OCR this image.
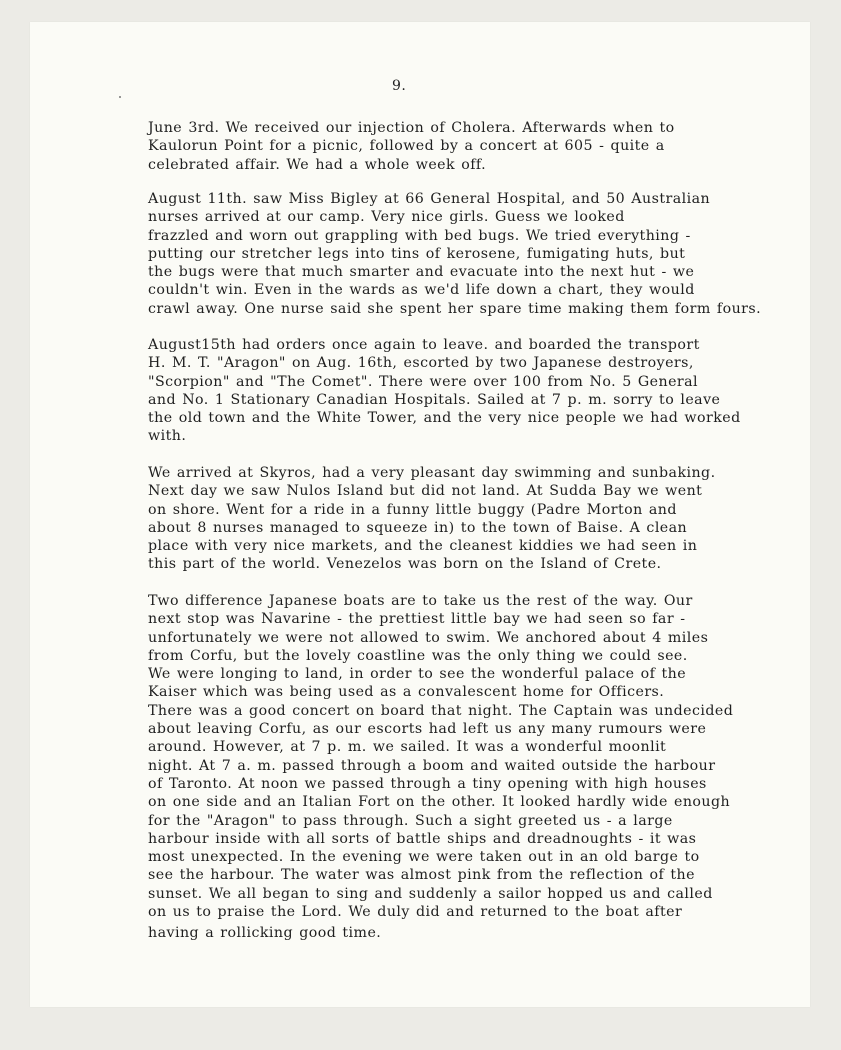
9.
June 3rd. We received our injection of Cholera. Afterwards when to
Kaulorun Point for a picnic, followed by a concert at 605 - quite a
celebrated affair. We had a whole week off.
August 11th. saw Miss Bigley at 66 General Hospital, and 50 Australian
nurses arrived at our camp. Very nice girls. Guess we looked
frazzled and worn out grappling with bed bugs. We tried everything -
putting our stretcher legs into tins of kerosene, fumigating huts, but
the bugs were that much smarter and evacuate into the next hut - we
couldn't win. Even in the wards as we'd life down a chart, they would
crawl away. One nurse said she spent her spare time making them form fours.
August15th had orders once again to leave. and boarded the transport
H. M. T. "Aragon" on Aug. 16th, escorted by two Japanese destroyers,
"Scorpion" and "The Comet". There were over 100 from No. 5 General
and No. 1 Stationary Canadian Hospitals. Sailed at 7 p. m. sorry to leave
the old town and the White Tower, and the very nice people we had worked
with.
We arrived at Skyros, had a very pleasant day swimming and sunbaking.
Next day we saw Nulos Island but did not land. At Sudda Bay we went
on shore. Went for a ride in a funny little buggy (Padre Morton and
about 8 nurses managed to squeeze in) to the town of Baise. A clean
place with very nice markets, and the cleanest kiddies we had seen in
this part of the world. Venezelos was born on the Island of Crete.
Two difference Japanese boats are to take us the rest of the way. Our
next stop was Navarine - the prettiest little bay we had seen so far -
unfortunately we were not allowed to swim. We anchored about 4 miles
from Corfu, but the lovely coastline was the only thing we could see.
We were longing to land, in order to see the wonderful palace of the
Kaiser which was being used as a convalescent home for Officers.
There was a good concert on board that night. The Captain was undecided
about leaving Corfu, as our escorts had left us any many rumours were
around. However, at 7 p. m. we sailed. It was a wonderful moonlit
night. At 7 a. m. passed through a boom and waited outside the harbour
of Taronto. At noon we passed through a tiny opening with high houses
on one side and an Italian Fort on the other. It looked hardly wide enough
for the "Aragon" to pass through. Such a sight greeted us - a large
harbour inside with all sorts of battle ships and dreadnoughts - it was
most unexpected. In the evening we were taken out in an old barge to
see the harbour. The water was almost pink from the reflection of the
sunset. We all began to sing and suddenly a sailor hopped us and called
on us to praise the Lord. We duly did and returned to the boat after
having a rollicking good time.
